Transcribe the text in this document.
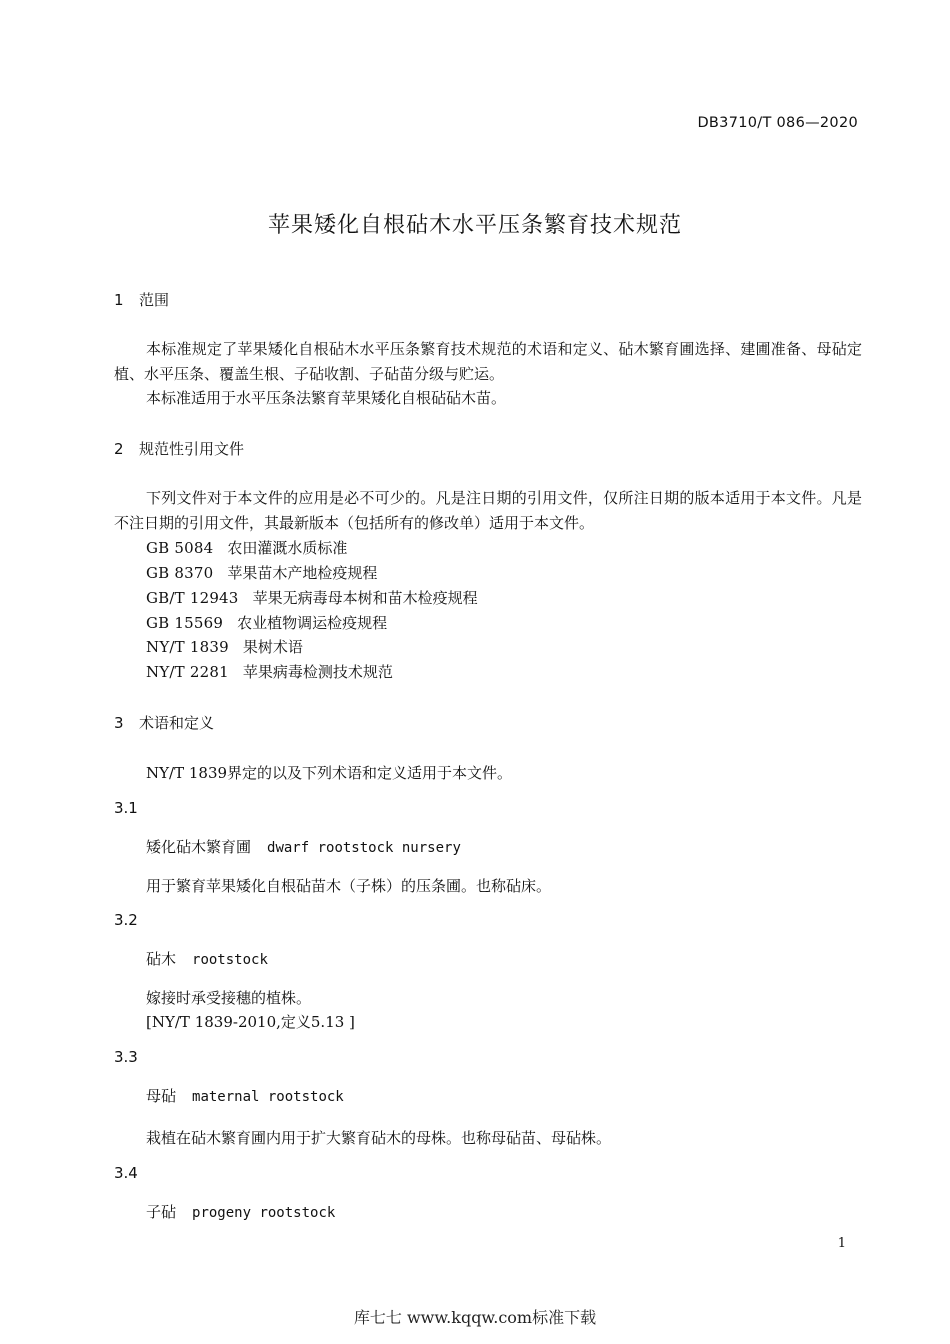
DB3710/T 086—2020
苹果矮化自根砧木水平压条繁育技术规范
1 范围
本标准规定了苹果矮化自根砧木水平压条繁育技术规范的术语和定义、砧木繁育圃选择、建圃准备、母砧定植、水平压条、覆盖生根、子砧收割、子砧苗分级与贮运。
本标准适用于水平压条法繁育苹果矮化自根砧砧木苗。
2 规范性引用文件
下列文件对于本文件的应用是必不可少的。凡是注日期的引用文件，仅所注日期的版本适用于本文件。凡是不注日期的引用文件，其最新版本（包括所有的修改单）适用于本文件。
GB 5084 农田灌溉水质标准
GB 8370 苹果苗木产地检疫规程
GB/T 12943 苹果无病毒母本树和苗木检疫规程
GB 15569 农业植物调运检疫规程
NY/T 1839 果树术语
NY/T 2281 苹果病毒检测技术规范
3 术语和定义
NY/T 1839界定的以及下列术语和定义适用于本文件。
3.1
矮化砧木繁育圃 dwarf rootstock nursery
用于繁育苹果矮化自根砧苗木（子株）的压条圃。也称砧床。
3.2
砧木 rootstock
嫁接时承受接穗的植株。
[NY/T 1839-2010,定义5.13 ]
3.3
母砧 maternal rootstock
栽植在砧木繁育圃内用于扩大繁育砧木的母株。也称母砧苗、母砧株。
3.4
子砧 progeny rootstock
1
库七七 www.kqqw.com标准下载
